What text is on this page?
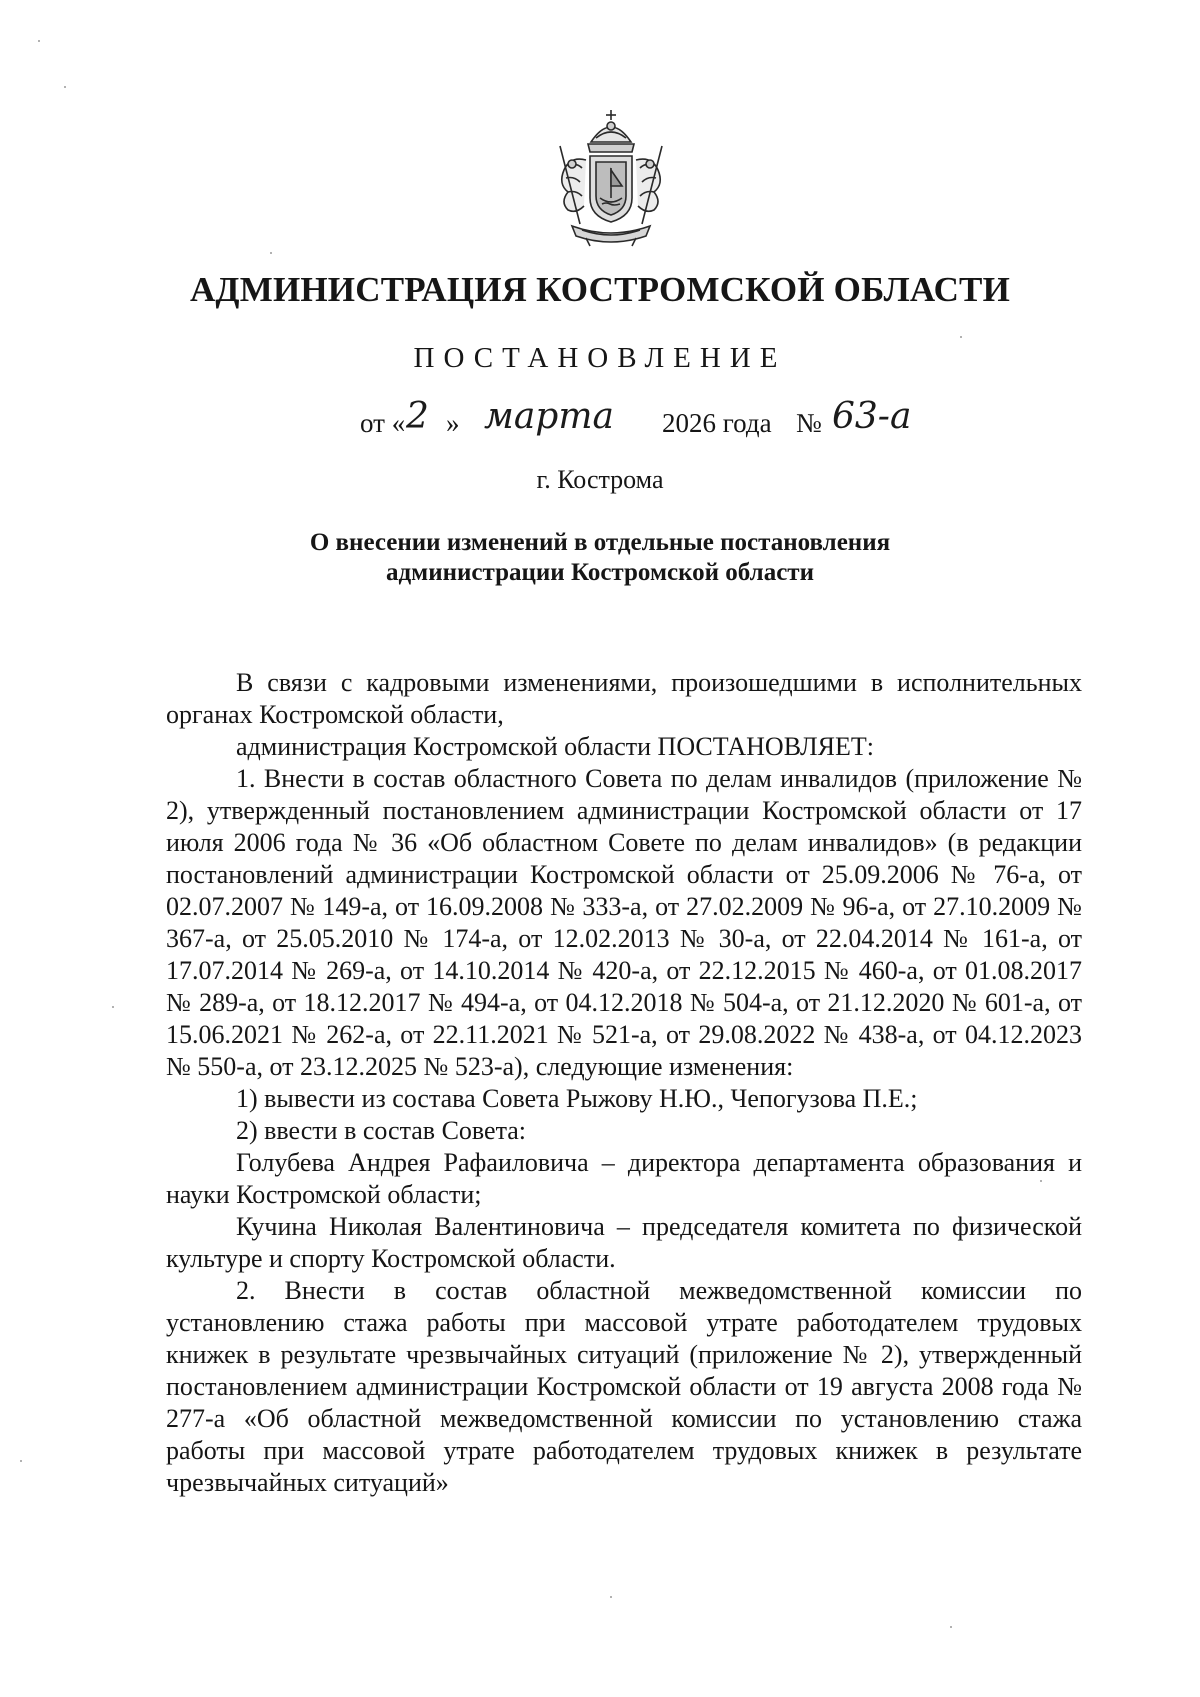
АДМИНИСТРАЦИЯ КОСТРОМСКОЙ ОБЛАСТИ
ПОСТАНОВЛЕНИЕ
от « 2 » марта 2026 года № 63-а
г. Кострома
О внесении изменений в отдельные постановления
администрации Костромской области

В связи с кадровыми изменениями, произошедшими в исполнительных органах Костромской области,

администрация Костромской области ПОСТАНОВЛЯЕТ:

1. Внести в состав областного Совета по делам инвалидов (приложение № 2), утвержденный постановлением администрации Костромской области от 17 июля 2006 года № 36 «Об областном Совете по делам инвалидов» (в редакции постановлений администрации Костромской области от 25.09.2006 № 76-а, от 02.07.2007 № 149-а, от 16.09.2008 № 333-а, от 27.02.2009 № 96-а, от 27.10.2009 № 367-а, от 25.05.2010 № 174-а, от 12.02.2013 № 30-а, от 22.04.2014 № 161-а, от 17.07.2014 № 269-а, от 14.10.2014 № 420-а, от 22.12.2015 № 460-а, от 01.08.2017 № 289-а, от 18.12.2017 № 494-а, от 04.12.2018 № 504-а, от 21.12.2020 № 601-а, от 15.06.2021 № 262-а, от 22.11.2021 № 521-а, от 29.08.2022 № 438-а, от 04.12.2023 № 550-а, от 23.12.2025 № 523-а), следующие изменения:

1) вывести из состава Совета Рыжову Н.Ю., Чепогузова П.Е.;

2) ввести в состав Совета:

Голубева Андрея Рафаиловича – директора департамента образования и науки Костромской области;

Кучина Николая Валентиновича – председателя комитета по физической культуре и спорту Костромской области.

2. Внести в состав областной межведомственной комиссии по установлению стажа работы при массовой утрате работодателем трудовых книжек в результате чрезвычайных ситуаций (приложение № 2), утвержденный постановлением администрации Костромской области от 19 августа 2008 года № 277-а «Об областной межведомственной комиссии по установлению стажа работы при массовой утрате работодателем трудовых книжек в результате чрезвычайных ситуаций»
